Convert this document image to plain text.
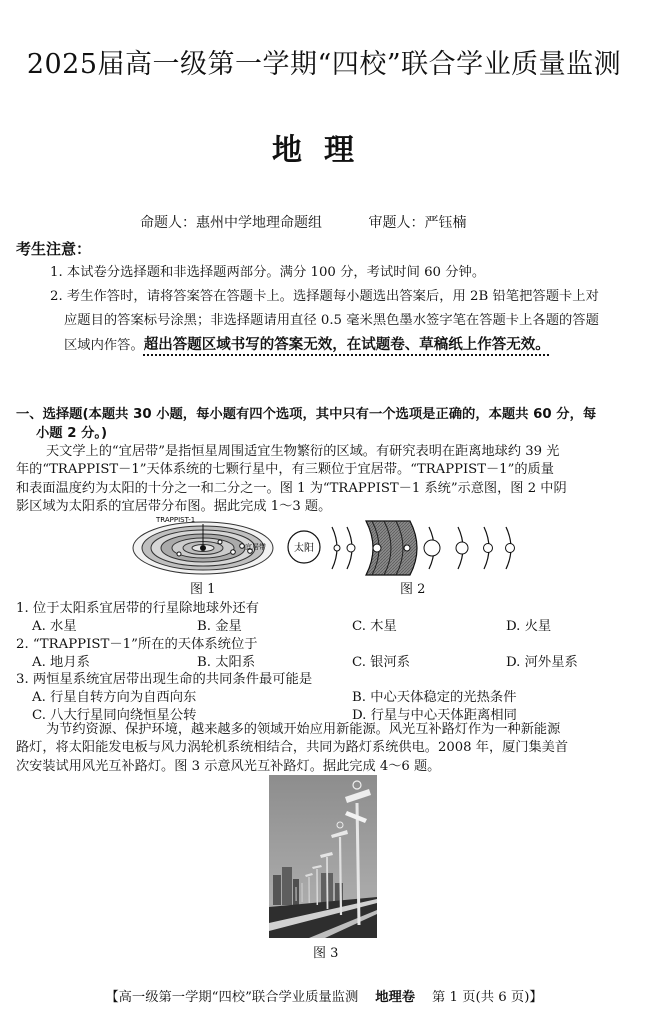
2025届高一级第一学期“四校”联合学业质量监测
地理
命题人：惠州中学地理命题组	审题人：严钰楠
考生注意：
1. 本试卷分选择题和非选择题两部分。满分 100 分，考试时间 60 分钟。
2. 考生作答时，请将答案答在答题卡上。选择题每小题选出答案后，用 2B 铅笔把答题卡上对
应题目的答案标号涂黑；非选择题请用直径 0.5 毫米黑色墨水签字笔在答题卡上各题的答题
区域内作答。超出答题区域书写的答案无效，在试题卷、草稿纸上作答无效。
一、选择题(本题共 30 小题，每小题有四个选项，其中只有一个选项是正确的，本题共 60 分，每
小题 2 分。)
天文学上的“宜居带”是指恒星周围适宜生物繁衍的区域。有研究表明在距离地球约 39 光
年的“TRAPPIST－1”天体系统的七颗行星中，有三颗位于宜居带。“TRAPPIST－1”的质量
和表面温度约为太阳的十分之一和二分之一。图 1 为“TRAPPIST－1 系统”示意图，图 2 中阴
影区域为太阳系的宜居带分布图。据此完成 1～3 题。
TRAPPIST-1
宜居带
图 1
太阳
图 2
1. 位于太阳系宜居带的行星除地球外还有
A. 水星	B. 金星	C. 木星	D. 火星
2. “TRAPPIST－1”所在的天体系统位于
A. 地月系	B. 太阳系	C. 银河系	D. 河外星系
3. 两恒星系统宜居带出现生命的共同条件最可能是
A. 行星自转方向为自西向东	B. 中心天体稳定的光热条件
C. 八大行星同向绕恒星公转	D. 行星与中心天体距离相同
为节约资源、保护环境，越来越多的领域开始应用新能源。风光互补路灯作为一种新能源
路灯，将太阳能发电板与风力涡轮机系统相结合，共同为路灯系统供电。2008 年，厦门集美首
次安装试用风光互补路灯。图 3 示意风光互补路灯。据此完成 4～6 题。
图 3
【高一级第一学期“四校”联合学业质量监测 地理卷 第 1 页(共 6 页)】
